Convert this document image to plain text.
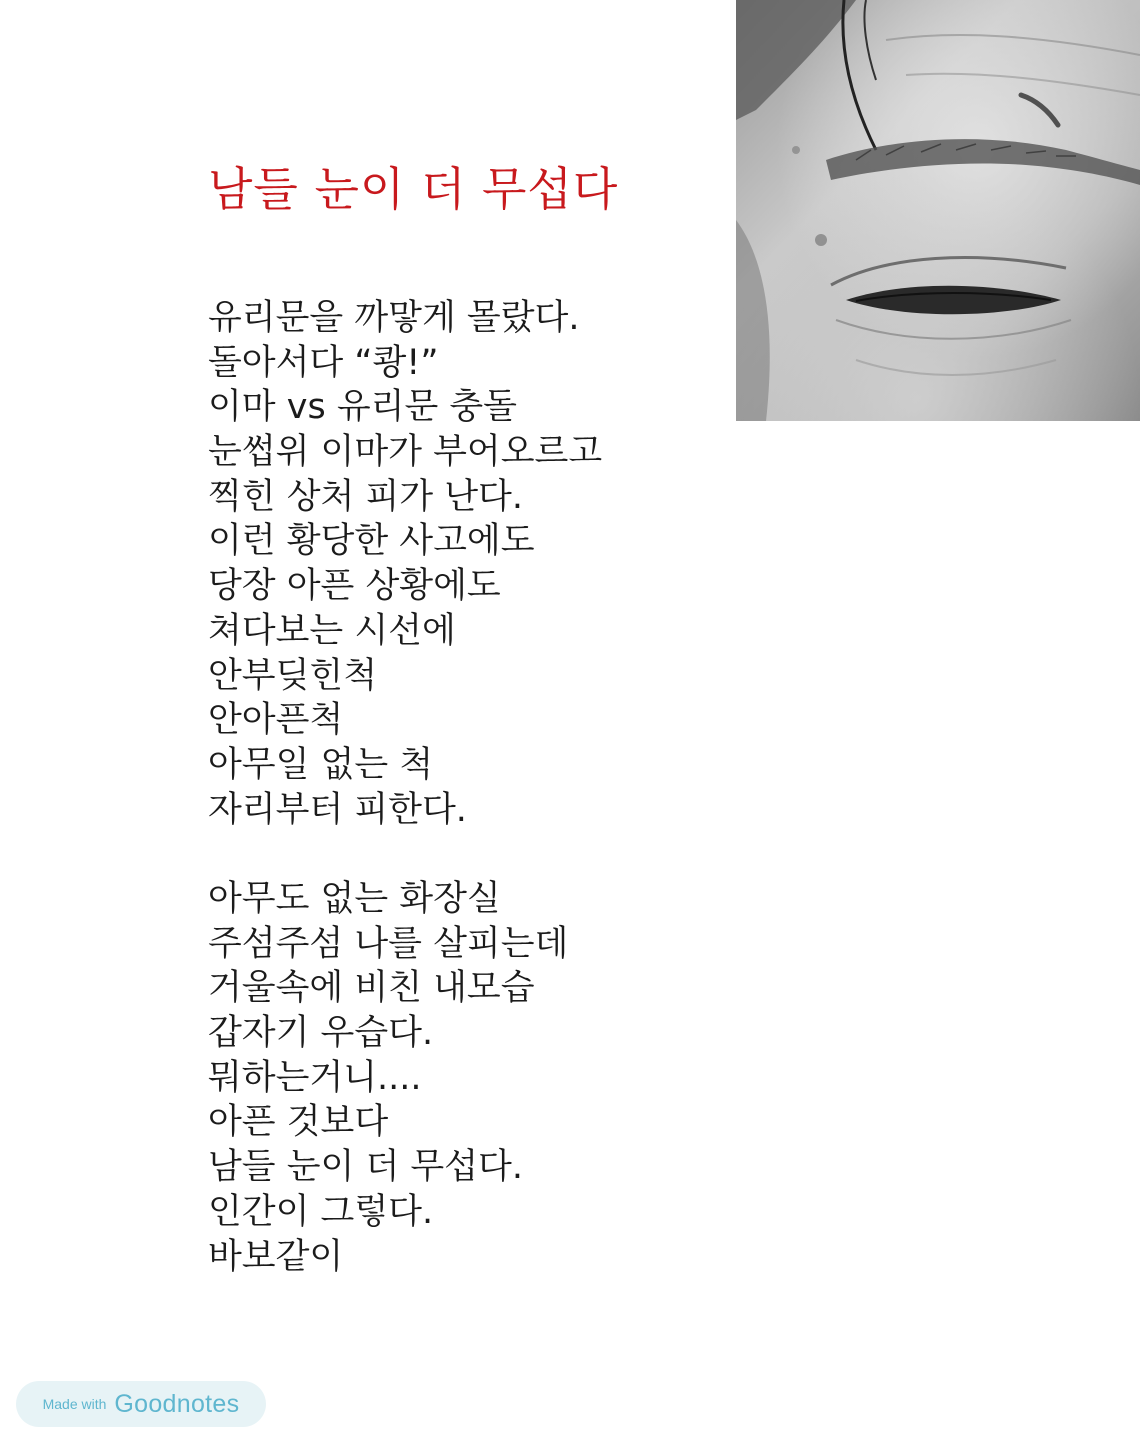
남들 눈이 더 무섭다
유리문을 까맣게 몰랐다.
돌아서다 “쾅!”
이마 vs 유리문 충돌
눈썹위 이마가 부어오르고
찍힌 상처 피가 난다.
이런 황당한 사고에도
당장 아픈 상황에도
쳐다보는 시선에
안부딪힌척
안아픈척
아무일 없는 척
자리부터 피한다.
아무도 없는 화장실
주섬주섬 나를 살피는데
거울속에 비친 내모습
갑자기 우습다.
뭐하는거니....
아픈 것보다
남들 눈이 더 무섭다.
인간이 그렇다.
바보같이
Made with Goodnotes
